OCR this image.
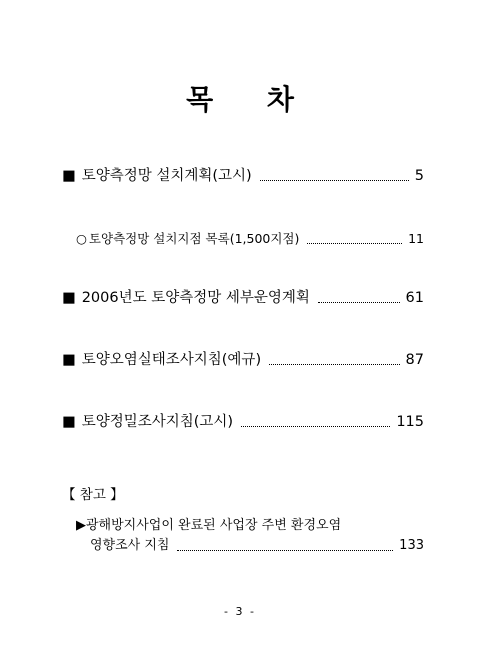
목 차
■ 토양측정망 설치계획(고시)	5
○ 토양측정망 설치지점 목록(1,500지점)	11
■ 2006년도 토양측정망 세부운영계획	61
■ 토양오염실태조사지침(예규)	87
■ 토양정밀조사지침(고시)	115
【 참고 】
▶광해방지사업이 완료된 사업장 주변 환경오염
영향조사 지침	133
- 3 -
